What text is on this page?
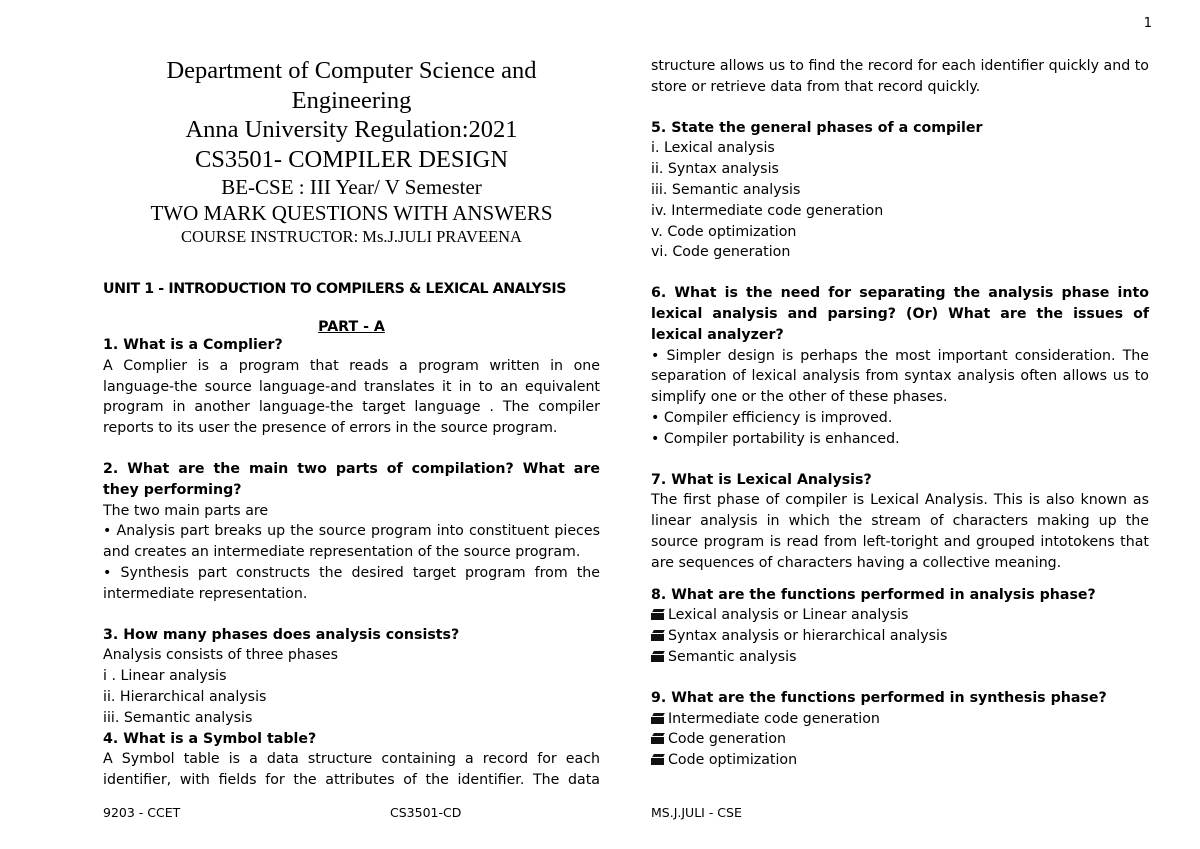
1
Department of Computer Science and
Engineering
Anna University Regulation:2021
CS3501- COMPILER DESIGN
BE-CSE : III Year/ V Semester
TWO MARK QUESTIONS WITH ANSWERS
COURSE INSTRUCTOR: Ms.J.JULI PRAVEENA
UNIT 1 - INTRODUCTION TO COMPILERS & LEXICAL ANALYSIS
PART - A
1. What is a Complier?
A Complier is a program that reads a program written in one language-the source language-and translates it in to an equivalent program in another language-the target language . The compiler reports to its user the presence of errors in the source program.
2. What are the main two parts of compilation? What are they performing?
The two main parts are
• Analysis part breaks up the source program into constituent pieces and creates an intermediate representation of the source program.
• Synthesis part constructs the desired target program from the intermediate representation.
3. How many phases does analysis consists?
Analysis consists of three phases
i . Linear analysis
ii. Hierarchical analysis
iii. Semantic analysis
4. What is a Symbol table?
A Symbol table is a data structure containing a record for each identifier, with fields for the attributes of the identifier. The data
structure allows us to find the record for each identifier quickly and to store or retrieve data from that record quickly.
5. State the general phases of a compiler
i. Lexical analysis
ii. Syntax analysis
iii. Semantic analysis
iv. Intermediate code generation
v. Code optimization
vi. Code generation
6. What is the need for separating the analysis phase into lexical analysis and parsing? (Or) What are the issues of lexical analyzer?
• Simpler design is perhaps the most important consideration. The separation of lexical analysis from syntax analysis often allows us to simplify one or the other of these phases.
• Compiler efficiency is improved.
• Compiler portability is enhanced.
7. What is Lexical Analysis?
The first phase of compiler is Lexical Analysis. This is also known as linear analysis in which the stream of characters making up the source program is read from left-toright and grouped intotokens that are sequences of characters having a collective meaning.
8. What are the functions performed in analysis phase?
Lexical analysis or Linear analysis
Syntax analysis or hierarchical analysis
Semantic analysis
9. What are the functions performed in synthesis phase?
Intermediate code generation
Code generation
Code optimization
9203 - CCET	CS3501-CD	MS.J.JULI - CSE
